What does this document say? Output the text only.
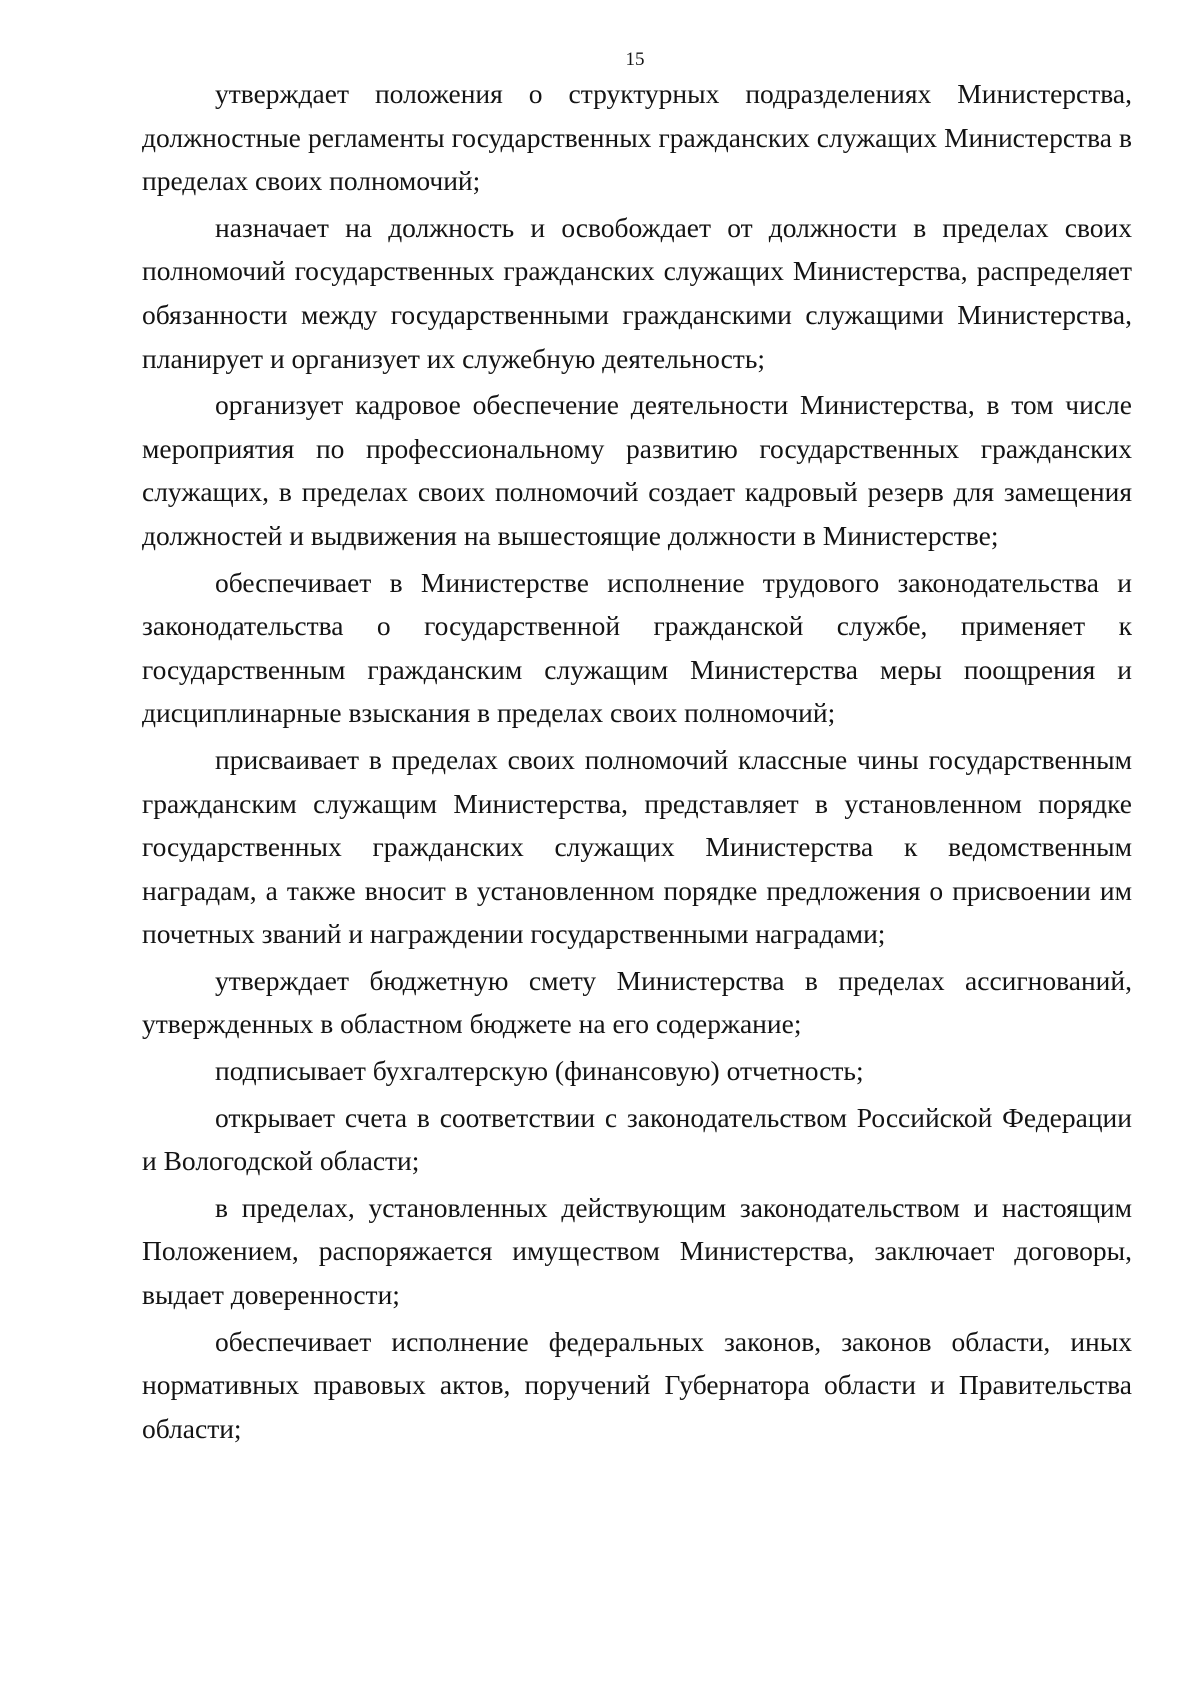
15

утверждает положения о структурных подразделениях Министерства, должностные регламенты государственных гражданских служащих Министерства в пределах своих полномочий;

назначает на должность и освобождает от должности в пределах своих полномочий государственных гражданских служащих Министерства, распределяет обязанности между государственными гражданскими служащими Министерства, планирует и организует их служебную деятельность;

организует кадровое обеспечение деятельности Министерства, в том числе мероприятия по профессиональному развитию государственных гражданских служащих, в пределах своих полномочий создает кадровый резерв для замещения должностей и выдвижения на вышестоящие должности в Министерстве;

обеспечивает в Министерстве исполнение трудового законодательства и законодательства о государственной гражданской службе, применяет к государственным гражданским служащим Министерства меры поощрения и дисциплинарные взыскания в пределах своих полномочий;

присваивает в пределах своих полномочий классные чины государственным гражданским служащим Министерства, представляет в установленном порядке государственных гражданских служащих Министерства к ведомственным наградам, а также вносит в установленном порядке предложения о присвоении им почетных званий и награждении государственными наградами;

утверждает бюджетную смету Министерства в пределах ассигнований, утвержденных в областном бюджете на его содержание;

подписывает бухгалтерскую (финансовую) отчетность;

открывает счета в соответствии с законодательством Российской Федерации и Вологодской области;

в пределах, установленных действующим законодательством и настоящим Положением, распоряжается имуществом Министерства, заключает договоры, выдает доверенности;

обеспечивает исполнение федеральных законов, законов области, иных нормативных правовых актов, поручений Губернатора области и Правительства области;
